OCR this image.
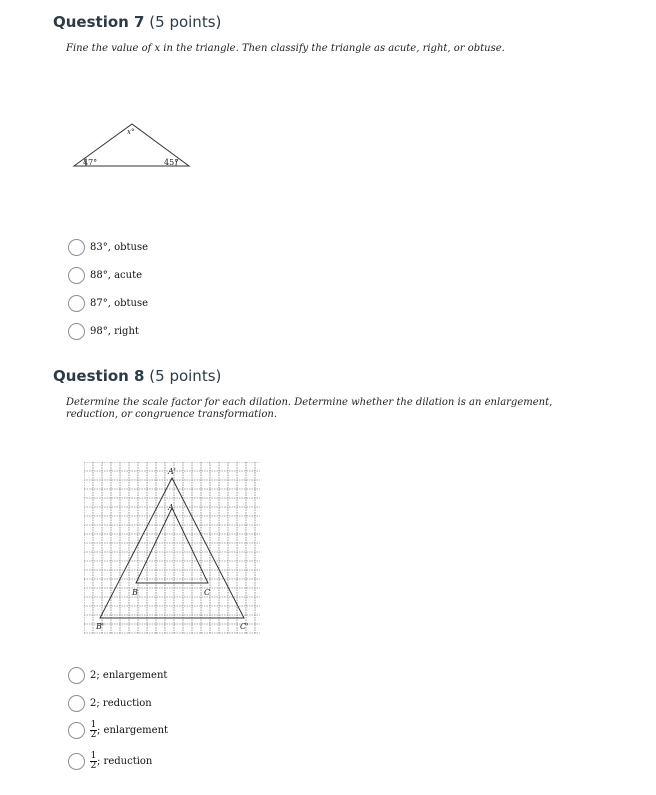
Question 7 (5 points)
Fine the value of x in the triangle. Then classify the triangle as acute, right, or obtuse.
47°	45°
x°
83°, obtuse
88°, acute
87°, obtuse
98°, right
Question 8 (5 points)
Determine the scale factor for each dilation. Determine whether the dilation is an enlargement, reduction, or congruence transformation.
A'
A
B	C
B'	C'
2; enlargement
2; reduction
$\frac{1}{2}$ ; enlargement
$\frac{1}{2}$ ; reduction
